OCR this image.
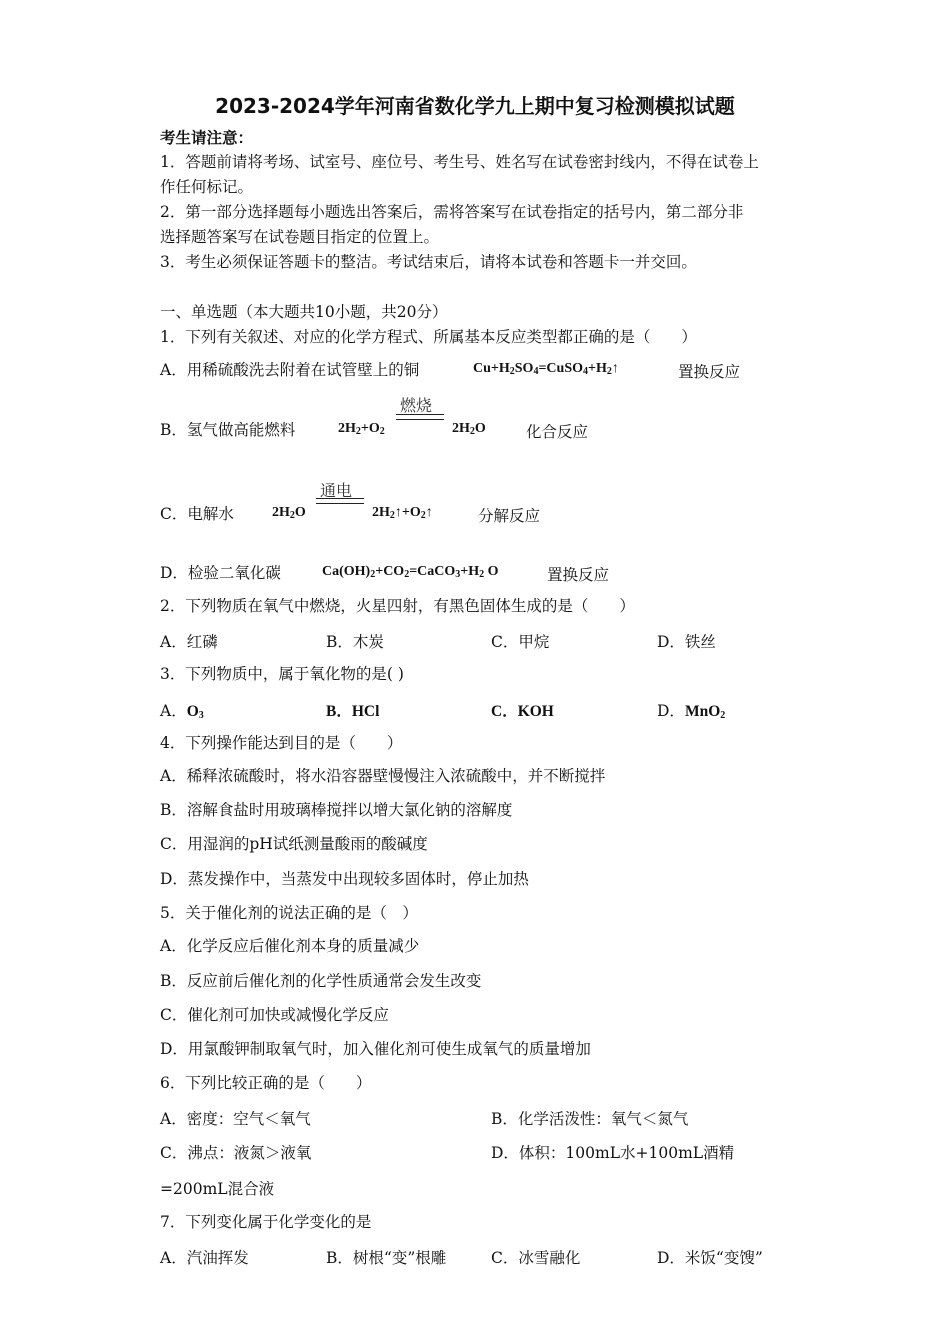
2023-2024学年河南省数化学九上期中复习检测模拟试题
考生请注意：
1．答题前请将考场、试室号、座位号、考生号、姓名写在试卷密封线内，不得在试卷上
作任何标记。
2．第一部分选择题每小题选出答案后，需将答案写在试卷指定的括号内，第二部分非
选择题答案写在试卷题目指定的位置上。
3．考生必须保证答题卡的整洁。考试结束后，请将本试卷和答题卡一并交回。
一、单选题（本大题共10小题，共20分）
1．下列有关叙述、对应的化学方程式、所属基本反应类型都正确的是（　　）
A．用稀硫酸洗去附着在试管壁上的铜	$Cu+H_2SO_4=CuSO_4+H_2↑$	置换反应
B．氢气做高能燃料	$2H_2+O_2$
燃烧
$2H_2O$	化合反应
C．电解水	$2H_2O$
通电
$2H_2↑+O_2↑$	分解反应
D．检验二氧化碳	$Ca(OH)_2+CO_2=CaCO_3+H_2$ O	置换反应
2．下列物质在氧气中燃烧，火星四射，有黑色固体生成的是（　　）
A．红磷	B．木炭	C．甲烷	D．铁丝
3．下列物质中，属于氧化物的是( )
A．$O_3$	B．HCl	C．KOH	D．MnO$_2$
4．下列操作能达到目的是（　　）
A．稀释浓硫酸时，将水沿容器壁慢慢注入浓硫酸中，并不断搅拌
B．溶解食盐时用玻璃棒搅拌以增大氯化钠的溶解度
C．用湿润的pH试纸测量酸雨的酸碱度
D．蒸发操作中，当蒸发中出现较多固体时，停止加热
5．关于催化剂的说法正确的是（　）
A．化学反应后催化剂本身的质量减少
B．反应前后催化剂的化学性质通常会发生改变
C．催化剂可加快或减慢化学反应
D．用氯酸钾制取氧气时，加入催化剂可使生成氧气的质量增加
6．下列比较正确的是（　　）
A．密度：空气＜氧气	B．化学活泼性：氧气＜氮气
C．沸点：液氮＞液氧	D．体积：100mL水+100mL酒精
=200mL混合液
7．下列变化属于化学变化的是
A．汽油挥发	B．树根“变”根雕	C．冰雪融化	D．米饭“变馊”
